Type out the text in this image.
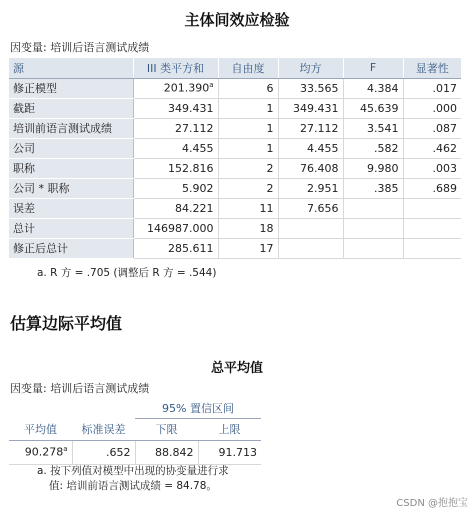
主体间效应检验
因变量: 培训后语言测试成绩
源	III 类平方和	自由度	均方	F	显著性
修正模型	201.390$^a$	6	33.565	4.384	.017
截距	349.431	1	349.431	45.639	.000
培训前语言测试成绩	27.112	1	27.112	3.541	.087
公司	4.455	1	4.455	.582	.462
职称	152.816	2	76.408	9.980	.003
公司 * 职称	5.902	2	2.951	.385	.689
误差	84.221	11	7.656		
总计	146987.000	18			
修正后总计	285.611	17			
a. R 方 = .705 (调整后 R 方 = .544)
估算边际平均值
总平均值
因变量: 培训后语言测试成绩
		95% 置信区间	
平均值	标准误差	下限	上限
90.278$^a$	.652	88.842	91.713
a. 按下列值对模型中出现的协变量进行求
值: 培训前语言测试成绩 = 84.78。
CSDN @抱抱宝
